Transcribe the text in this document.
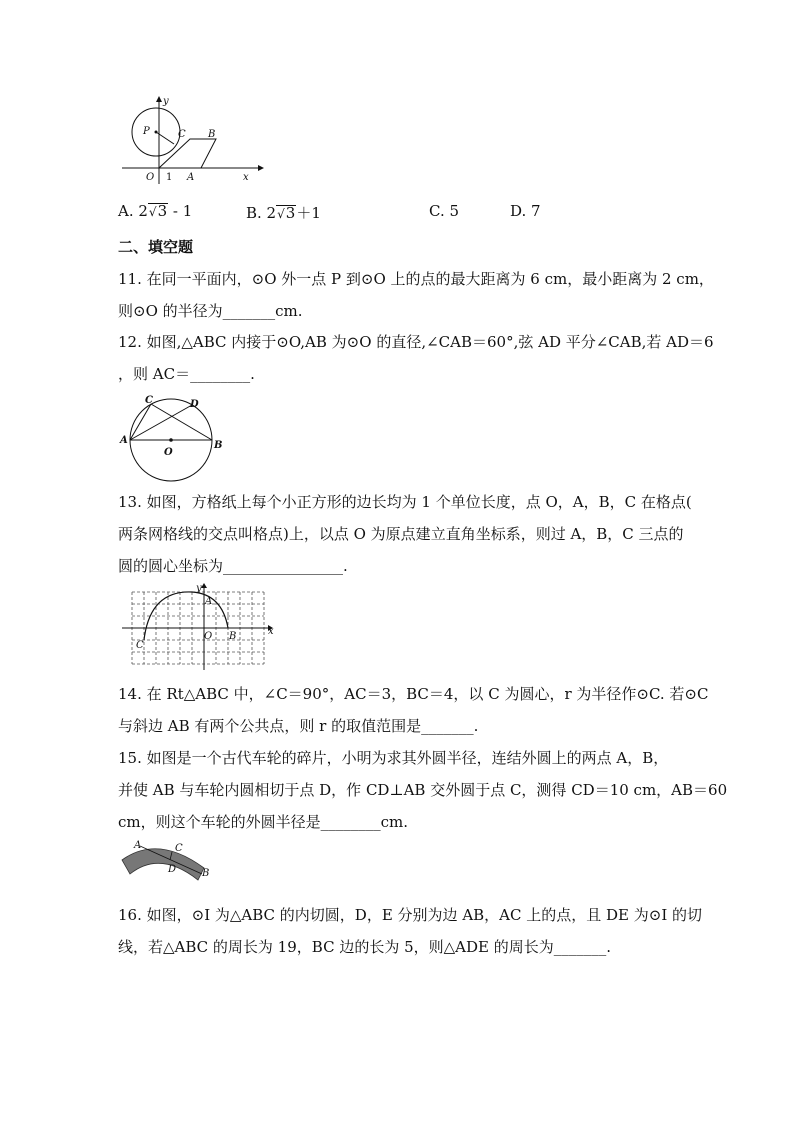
y
P	C B
O 1 A	x
A. 2√3 - 1	B. 2√3＋1	C. 5	D. 7
二、填空题
11. 在同一平面内，⊙O 外一点 P 到⊙O 上的点的最大距离为 6 cm，最小距离为 2 cm，
则⊙O 的半径为_______cm.
12. 如图,△ABC 内接于⊙O,AB 为⊙O 的直径,∠CAB＝60°,弦 AD 平分∠CAB,若 AD＝6
，则 AC＝________.
C	D
A
O
B
13. 如图，方格纸上每个小正方形的边长均为 1 个单位长度，点 O，A，B，C 在格点(
两条网格线的交点叫格点)上，以点 O 为原点建立直角坐标系，则过 A，B，C 三点的
圆的圆心坐标为________________.
y
A
O B
C
x
14. 在 Rt△ABC 中，∠C＝90°，AC＝3，BC＝4，以 C 为圆心，r 为半径作⊙C. 若⊙C
与斜边 AB 有两个公共点，则 r 的取值范围是_______.
15. 如图是一个古代车轮的碎片，小明为求其外圆半径，连结外圆上的两点 A，B，
并使 AB 与车轮内圆相切于点 D，作 CD⊥AB 交外圆于点 C，测得 CD＝10 cm，AB＝60
cm，则这个车轮的外圆半径是________cm.
A	C
D	B
16. 如图，⊙I 为△ABC 的内切圆，D，E 分别为边 AB，AC 上的点，且 DE 为⊙I 的切
线，若△ABC 的周长为 19，BC 边的长为 5，则△ADE 的周长为_______.
